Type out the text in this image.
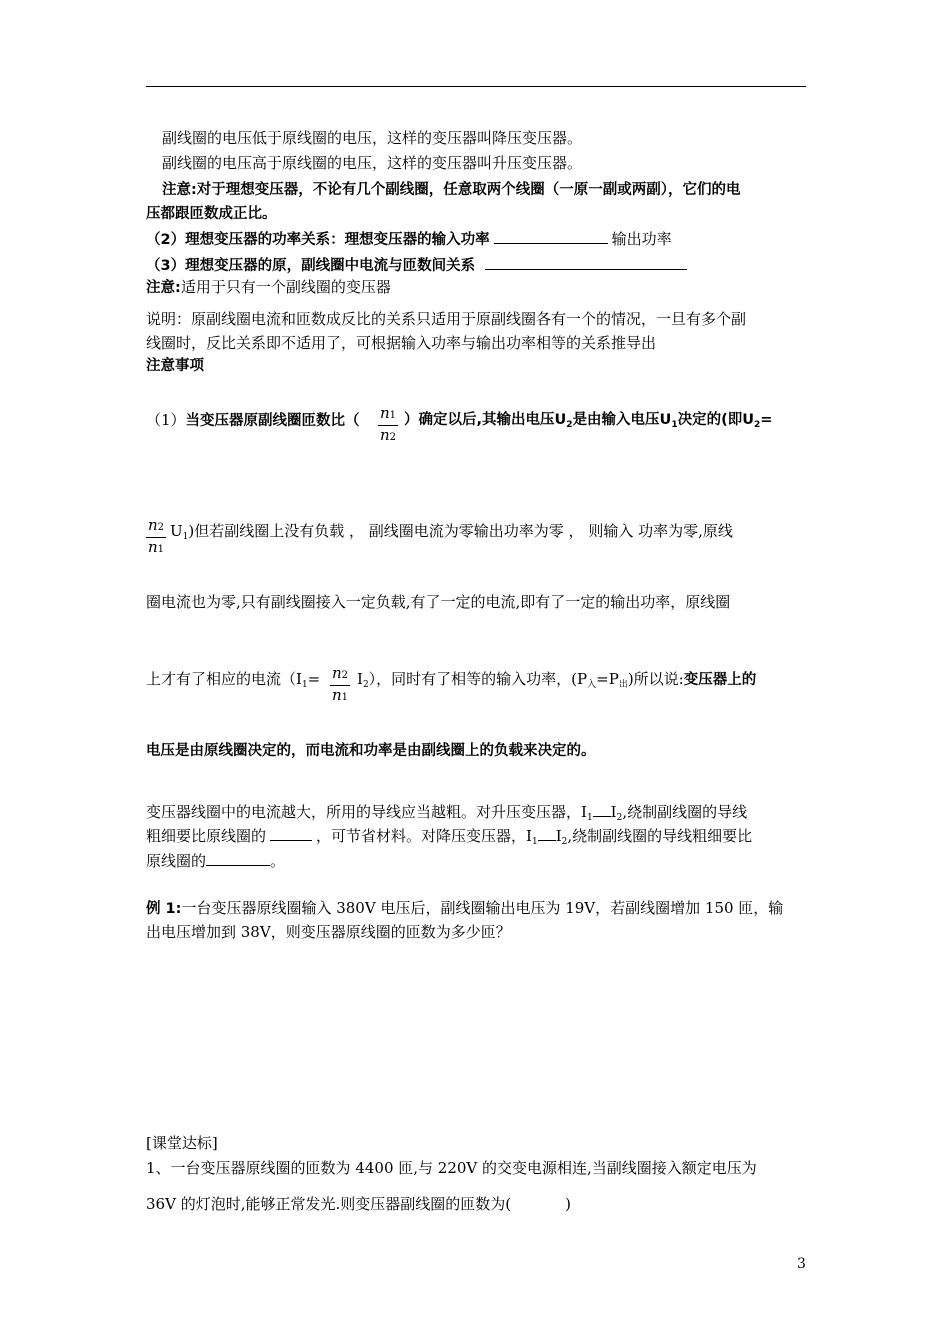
副线圈的电压低于原线圈的电压，这样的变压器叫降压变压器。
副线圈的电压高于原线圈的电压，这样的变压器叫升压变压器。
注意:对于理想变压器，不论有几个副线圈，任意取两个线圈（一原一副或两副），它们的电
压都跟匝数成正比。
（2）理想变压器的功率关系：理想变压器的输入功率	输出功率
（3）理想变压器的原，副线圈中电流与匝数间关系
注意:适用于只有一个副线圈的变压器
说明：原副线圈电流和匝数成反比的关系只适用于原副线圈各有一个的情况，一旦有多个副
线圈时，反比关系即不适用了，可根据输入功率与输出功率相等的关系推导出
注意事项
（1）当变压器原副线圈匝数比（ $\frac{n1}{n2}$ ）确定以后,其输出电压$U_2$是由输入电压$U_1$决定的(即$U_2=$
$\frac{n2}{n1} U_1$)但若副线圈上没有负载 ， 副线圈电流为零输出功率为零 ， 则输入 功率为零,原线
圈电流也为零,只有副线圈接入一定负载,有了一定的电流,即有了一定的输出功率，原线圈
上才有了相应的电流$(I_1= \frac{n2}{n1} I_2)$，同时有了相等的输入功率，$(P_入=P_出)$所以说:变压器上的
电压是由原线圈决定的，而电流和功率是由副线圈上的负载来决定的。
变压器线圈中的电流越大，所用的导线应当越粗。对升压变压器，$I_1$ $I_2$,绕制副线圈的导线
粗细要比原线圈的	，可节省材料。对降压变压器，$I_1$ $I_2$,绕制副线圈的导线粗细要比
原线圈的	。
例 1:一台变压器原线圈输入 380V 电压后，副线圈输出电压为 19V，若副线圈增加 150 匝，输
出电压增加到 38V，则变压器原线圈的匝数为多少匝？
[课堂达标]
1、一台变压器原线圈的匝数为 4400 匝,与 220V 的交变电源相连,当副线圈接入额定电压为
36V 的灯泡时,能够正常发光.则变压器副线圈的匝数为(	)
3
